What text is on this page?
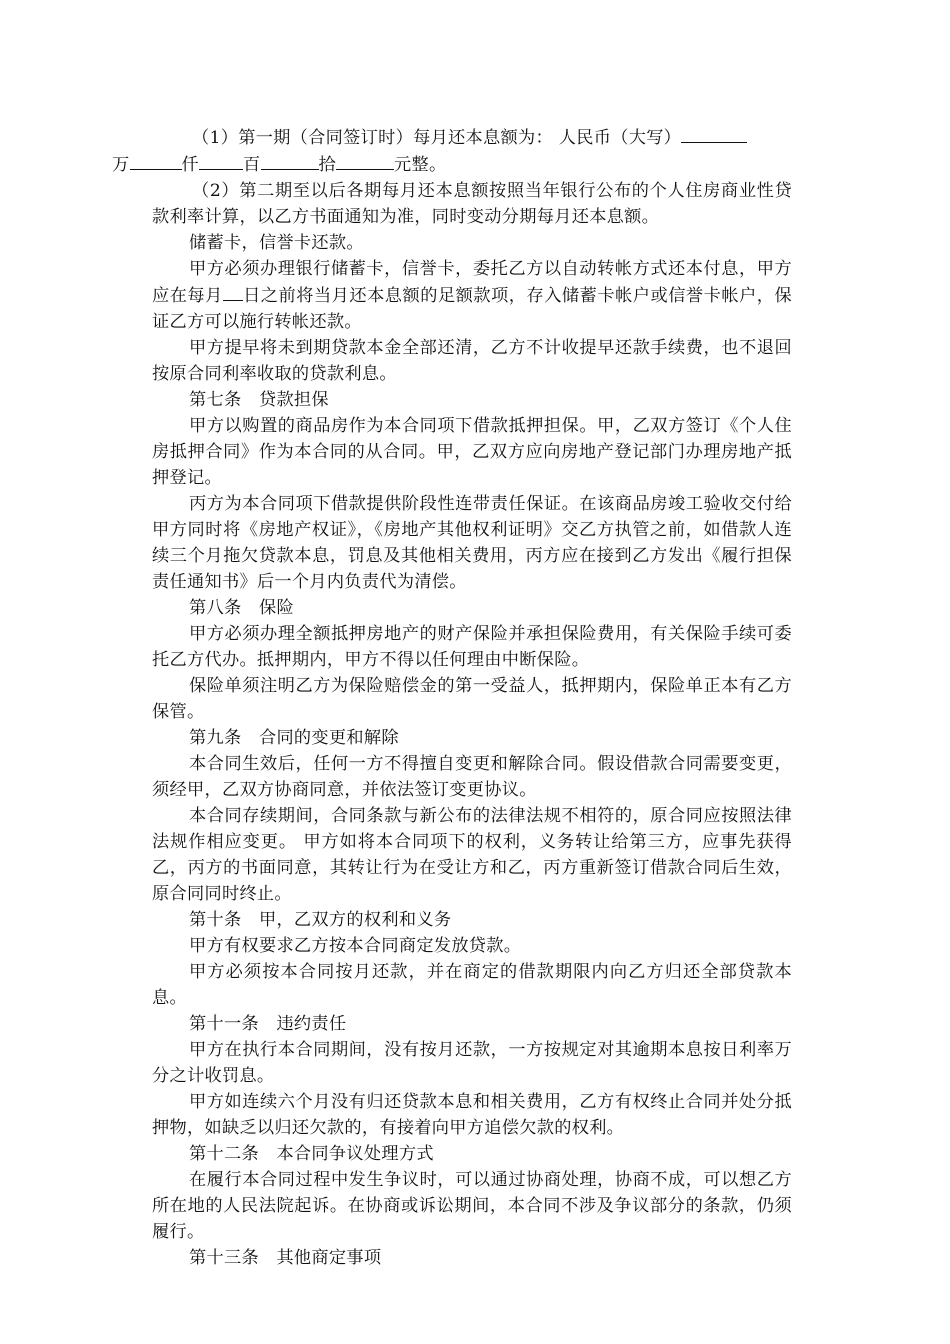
（1）第一期（合同签订时）每月还本息额为： 人民币（大写）
万	仟	百	拾	元整。

（2）第二期至以后各期每月还本息额按照当年银行公布的个人住房商业性贷款利率计算，以乙方书面通知为准，同时变动分期每月还本息额。

储蓄卡，信誉卡还款。

甲方必须办理银行储蓄卡，信誉卡，委托乙方以自动转帐方式还本付息，甲方应在每月 日之前将当月还本息额的足额款项，存入储蓄卡帐户或信誉卡帐户，保证乙方可以施行转帐还款。

甲方提早将未到期贷款本金全部还清，乙方不计收提早还款手续费，也不退回按原合同利率收取的贷款利息。

第七条　贷款担保

甲方以购置的商品房作为本合同项下借款抵押担保。甲，乙双方签订《个人住房抵押合同》作为本合同的从合同。甲，乙双方应向房地产登记部门办理房地产抵押登记。

丙方为本合同项下借款提供阶段性连带责任保证。在该商品房竣工验收交付给甲方同时将《房地产权证》，《房地产其他权利证明》交乙方执管之前，如借款人连续三个月拖欠贷款本息，罚息及其他相关费用，丙方应在接到乙方发出《履行担保责任通知书》后一个月内负责代为清偿。

第八条　保险

甲方必须办理全额抵押房地产的财产保险并承担保险费用，有关保险手续可委托乙方代办。抵押期内，甲方不得以任何理由中断保险。

保险单须注明乙方为保险赔偿金的第一受益人，抵押期内，保险单正本有乙方保管。

第九条　合同的变更和解除

本合同生效后，任何一方不得擅自变更和解除合同。假设借款合同需要变更，须经甲，乙双方协商同意，并依法签订变更协议。

本合同存续期间，合同条款与新公布的法律法规不相符的，原合同应按照法律法规作相应变更。 甲方如将本合同项下的权利，义务转让给第三方，应事先获得乙，丙方的书面同意，其转让行为在受让方和乙，丙方重新签订借款合同后生效，原合同同时终止。

第十条　甲，乙双方的权利和义务

甲方有权要求乙方按本合同商定发放贷款。

甲方必须按本合同按月还款，并在商定的借款期限内向乙方归还全部贷款本息。

第十一条　违约责任

甲方在执行本合同期间，没有按月还款，一方按规定对其逾期本息按日利率万分之计收罚息。

甲方如连续六个月没有归还贷款本息和相关费用，乙方有权终止合同并处分抵押物，如缺乏以归还欠款的，有接着向甲方追偿欠款的权利。

第十二条　本合同争议处理方式

在履行本合同过程中发生争议时，可以通过协商处理，协商不成，可以想乙方所在地的人民法院起诉。在协商或诉讼期间，本合同不涉及争议部分的条款，仍须履行。

第十三条　其他商定事项
